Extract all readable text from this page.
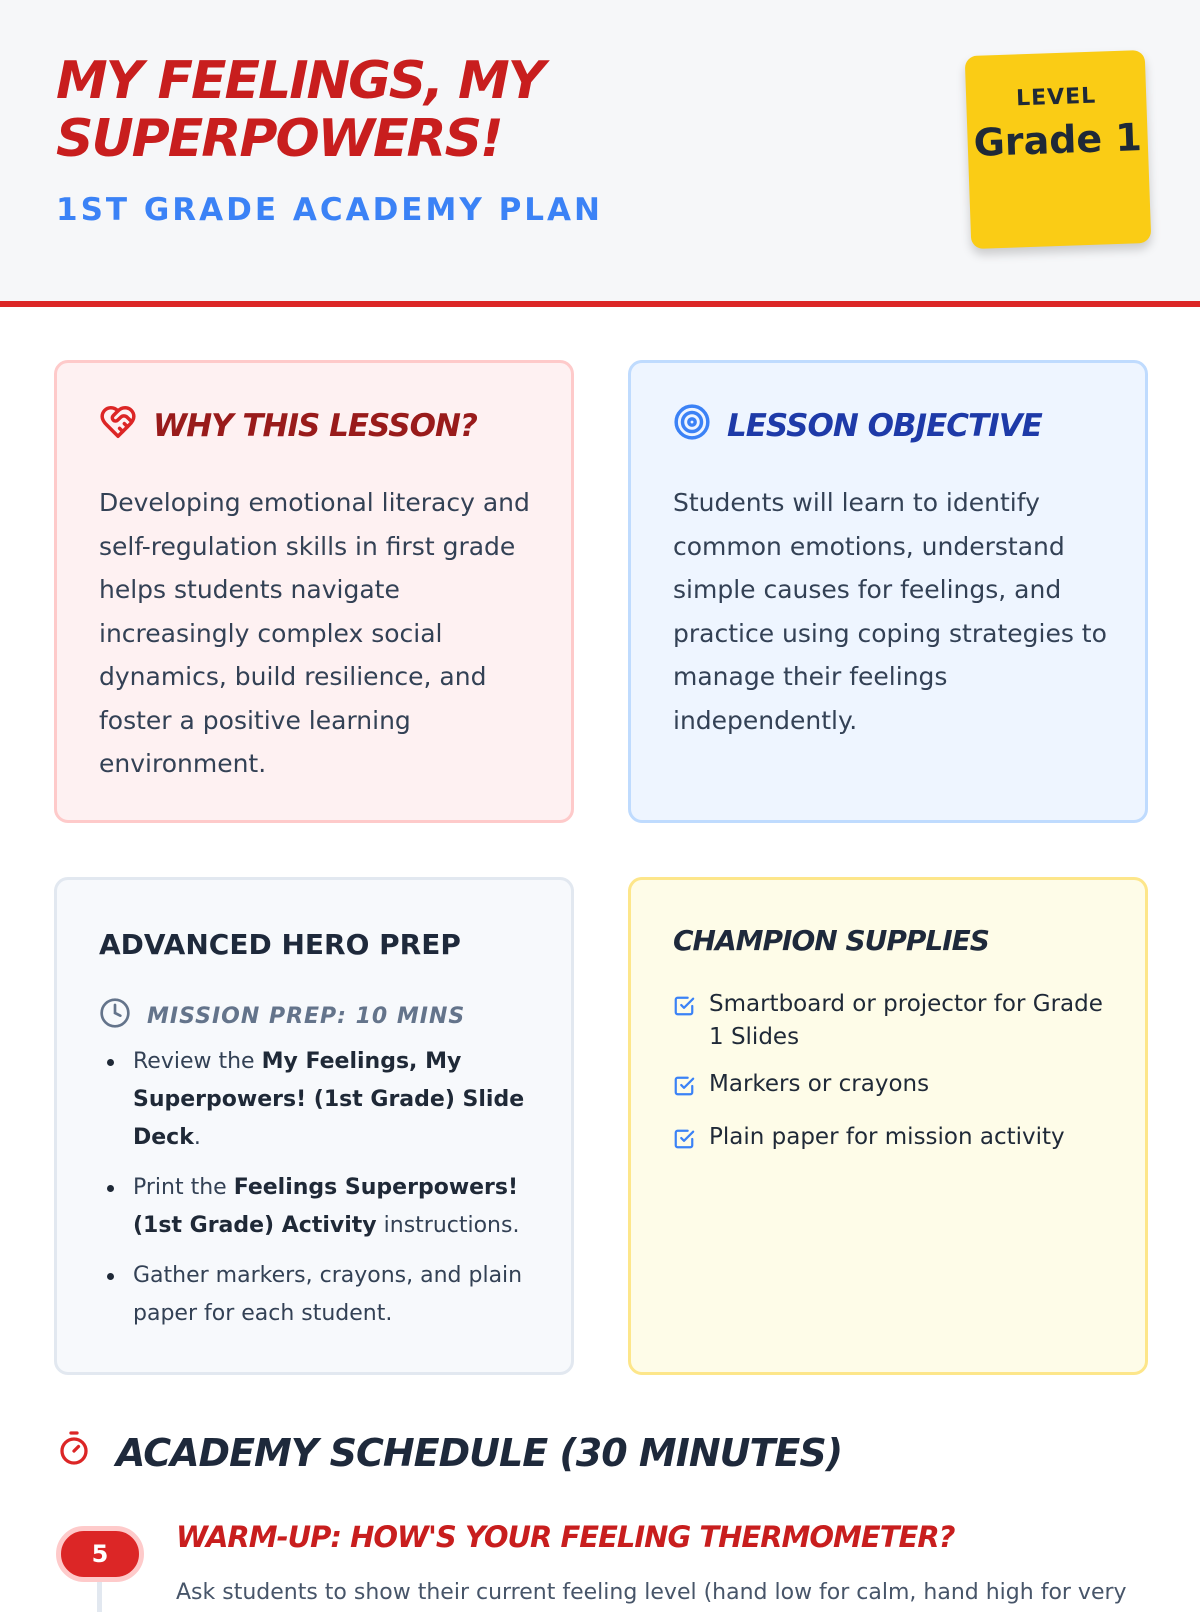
MY FEELINGS, MY SUPERPOWERS!
1ST GRADE ACADEMY PLAN
LEVEL
Grade 1
WHY THIS LESSON?
Developing emotional literacy and self-regulation skills in first grade helps students navigate increasingly complex social dynamics, build resilience, and foster a positive learning environment.
LESSON OBJECTIVE
Students will learn to identify common emotions, understand simple causes for feelings, and practice using coping strategies to manage their feelings independently.
ADVANCED HERO PREP
MISSION PREP: 10 MINS
Review the My Feelings, My Superpowers! (1st Grade) Slide Deck.
Print the Feelings Superpowers! (1st Grade) Activity instructions.
Gather markers, crayons, and plain paper for each student.
CHAMPION SUPPLIES
Smartboard or projector for Grade 1 Slides
Markers or crayons
Plain paper for mission activity
ACADEMY SCHEDULE (30 MINUTES)
5	WARM-UP: HOW'S YOUR FEELING THERMOMETER?
Ask students to show their current feeling level (hand low for calm, hand high for very
